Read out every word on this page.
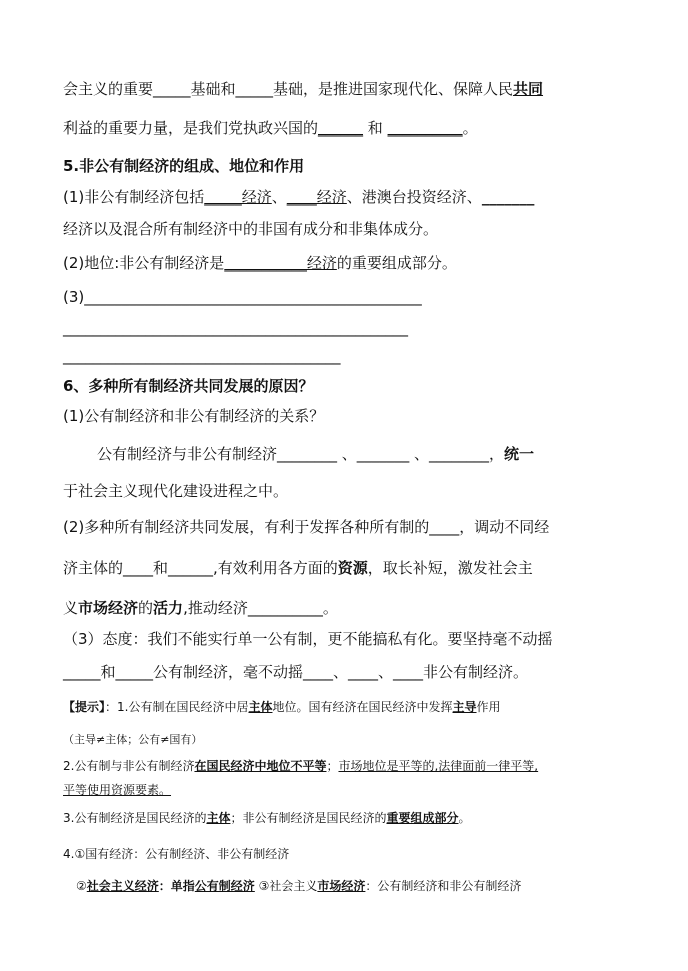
会主义的重要_____基础和_____基础，是推进国家现代化、保障人民共同
利益的重要力量，是我们党执政兴国的______ 和 __________。
5.非公有制经济的组成、地位和作用
(1)非公有制经济包括_____经济、____经济、港澳台投资经济、_______
经济以及混合所有制经济中的非国有成分和非集体成分。
(2)地位:非公有制经济是___________经济的重要组成部分。
(3)_____________________________________________
______________________________________________
_____________________________________
6、多种所有制经济共同发展的原因？
(1)公有制经济和非公有制经济的关系？
公有制经济与非公有制经济________ 、_______ 、________，统一
于社会主义现代化建设进程之中。
(2)多种所有制经济共同发展，有利于发挥各种所有制的____，调动不同经
济主体的____和______,有效利用各方面的资源，取长补短，激发社会主
义市场经济的活力,推动经济__________。
（3）态度：我们不能实行单一公有制，更不能搞私有化。要坚持毫不动摇
_____和_____公有制经济，毫不动摇____、____、____非公有制经济。
【提示】：1.公有制在国民经济中居主体地位。国有经济在国民经济中发挥主导作用
（主导≠主体；公有≠国有）
2.公有制与非公有制经济在国民经济中地位不平等；市场地位是平等的,法律面前一律平等,
平等使用资源要素。
3.公有制经济是国民经济的主体；非公有制经济是国民经济的重要组成部分。
4.①国有经济：公有制经济、非公有制经济
②社会主义经济：单指公有制经济 ③社会主义市场经济：公有制经济和非公有制经济
